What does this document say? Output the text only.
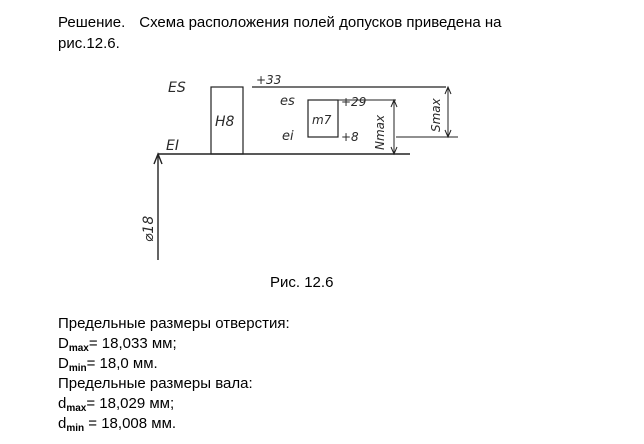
Решение. Схема расположения полей допусков приведена на
рис.12.6.
ES
EI
H8
+33
es
ei
m7
+29
+8 Nmax	Smax
⌀18
Рис. 12.6
Предельные размеры отверстия:
$D_{max}= 18,033$ мм;
$D_{min}= 18,0$ мм.
Предельные размеры вала:
$d_{max}= 18,029$ мм;
$d_{min} = 18,008$ мм.
